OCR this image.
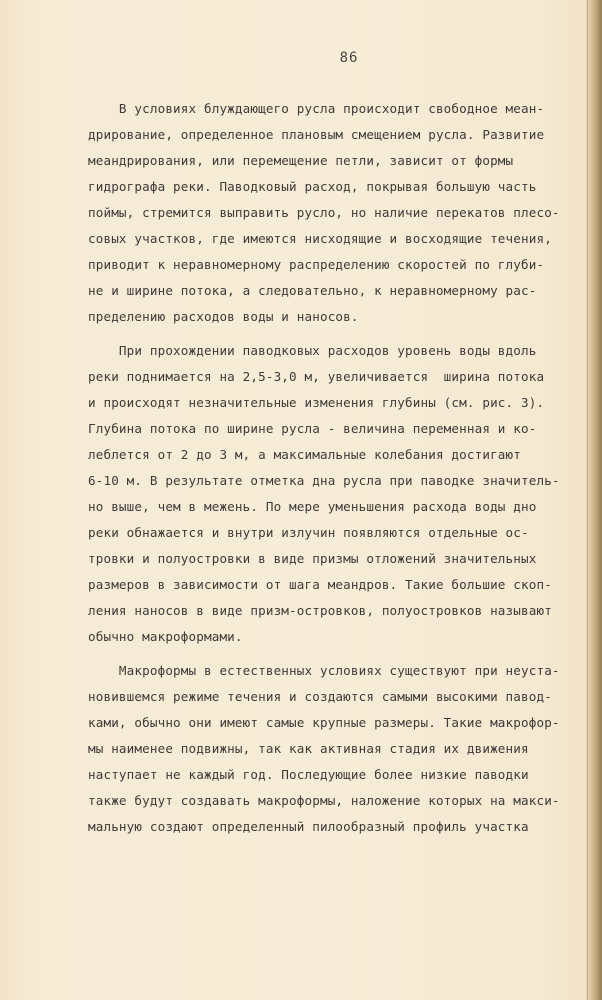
86
В условиях блуждающего русла происходит свободное меан-
дрирование, определенное плановым смещением русла. Развитие
меандрирования, или перемещение петли, зависит от формы
гидрографа реки. Паводковый расход, покрывая большую часть
поймы, стремится выправить русло, но наличие перекатов плесо-
совых участков, где имеются нисходящие и восходящие течения,
приводит к неравномерному распределению скоростей по глуби-
не и ширине потока, а следовательно, к неравномерному рас-
пределению расходов воды и наносов.
При прохождении паводковых расходов уровень воды вдоль
реки поднимается на 2,5-3,0 м, увеличивается  ширина потока
и происходят незначительные изменения глубины (см. рис. 3).
Глубина потока по ширине русла - величина переменная и ко-
леблется от 2 до 3 м, а максимальные колебания достигают
6-10 м. В результате отметка дна русла при паводке значитель-
но выше, чем в межень. По мере уменьшения расхода воды дно
реки обнажается и внутри излучин появляются отдельные ос-
тровки и полуостровки в виде призмы отложений значительных
размеров в зависимости от шага меандров. Такие большие скоп-
ления наносов в виде призм-островков, полуостровков называют
обычно макроформами.
Макроформы в естественных условиях существуют при неуста-
новившемся режиме течения и создаются самыми высокими павод-
ками, обычно они имеют самые крупные размеры. Такие макрофор-
мы наименее подвижны, так как активная стадия их движения
наступает не каждый год. Последующие более низкие паводки
также будут создавать макроформы, наложение которых на макси-
мальную создают определенный пилообразный профиль участка
